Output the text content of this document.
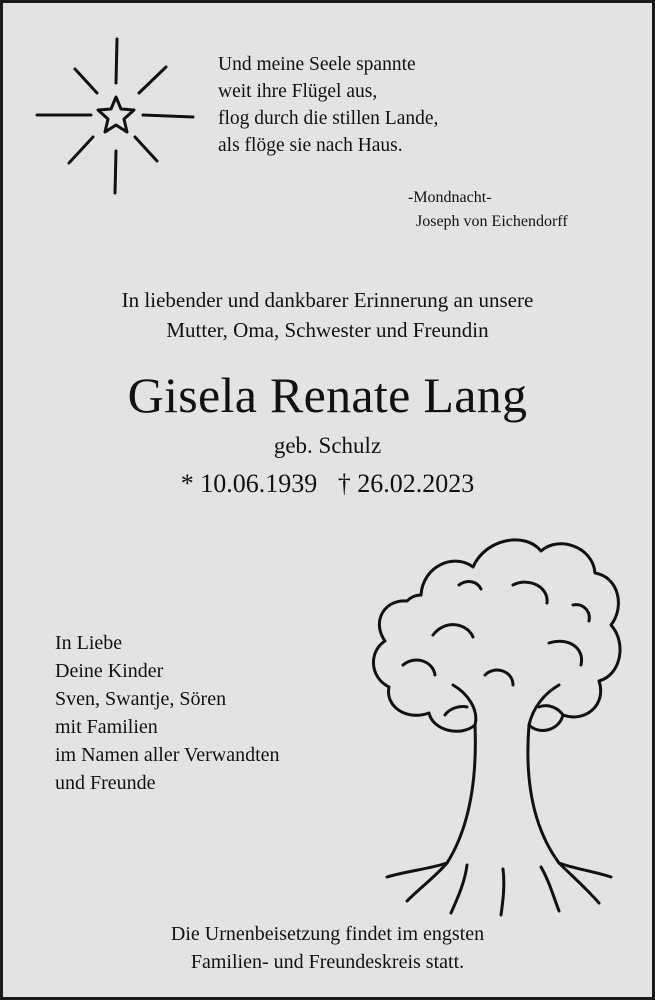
Und meine Seele spannte
weit ihre Flügel aus,
flog durch die stillen Lande,
als flöge sie nach Haus.
-Mondnacht-
Joseph von Eichendorff
In liebender und dankbarer Erinnerung an unsere
Mutter, Oma, Schwester und Freundin
Gisela Renate Lang
geb. Schulz
* 10.06.1939 † 26.02.2023
In Liebe
Deine Kinder
Sven, Swantje, Sören
mit Familien
im Namen aller Verwandten
und Freunde
Die Urnenbeisetzung findet im engsten
Familien- und Freundeskreis statt.
